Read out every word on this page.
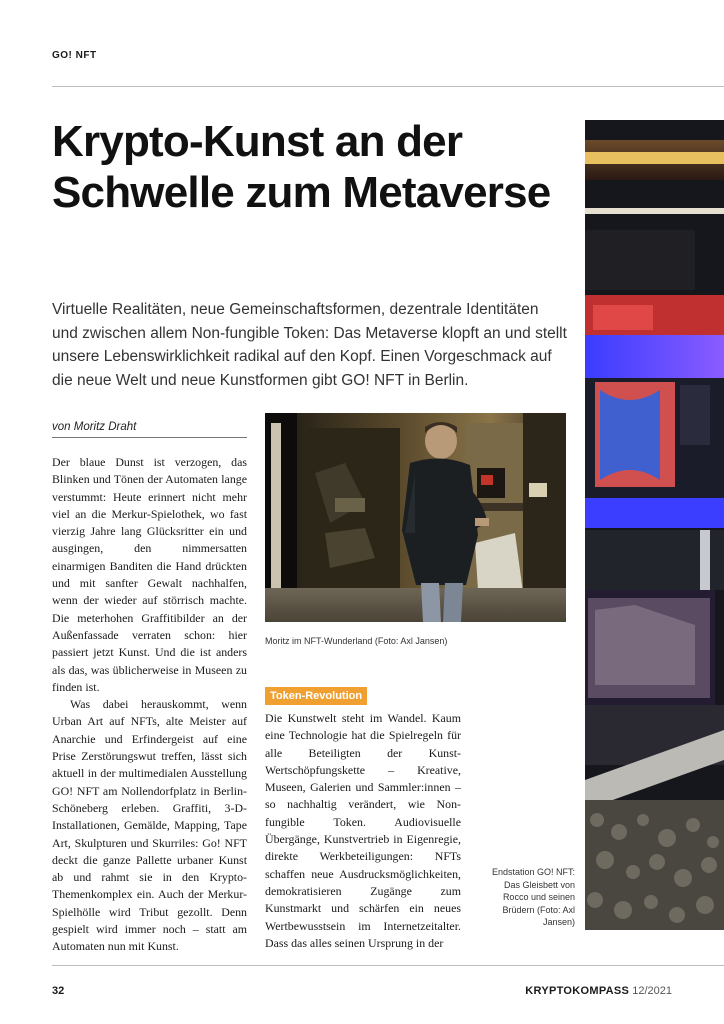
GO! NFT
Krypto-Kunst an der Schwelle zum Metaverse

Virtuelle Realitäten, neue Gemeinschaftsformen, dezentrale Identitäten und zwischen allem Non-fungible Token: Das Metaverse klopft an und stellt unsere Lebenswirklichkeit radikal auf den Kopf. Einen Vorgeschmack auf die neue Welt und neue Kunstformen gibt GO! NFT in Berlin.

von Moritz Draht

Der blaue Dunst ist verzogen, das Blinken und Tönen der Automaten lange verstummt: Heute erinnert nicht mehr viel an die Merkur-Spielothek, wo fast vierzig Jahre lang Glücksritter ein und ausgingen, den nimmersatten einarmigen Banditen die Hand drückten und mit sanfter Gewalt nachhalfen, wenn der wieder auf störrisch machte. Die meterhohen Graffitibilder an der Außenfassade verraten schon: hier passiert jetzt Kunst. Und die ist anders als das, was üblicherweise in Museen zu finden ist.

Was dabei herauskommt, wenn Urban Art auf NFTs, alte Meister auf Anarchie und Erfindergeist auf eine Prise Zerstörungswut treffen, lässt sich aktuell in der multimedialen Ausstellung GO! NFT am Nollendorfplatz in Berlin-Schöneberg erleben. Graffiti, 3-D-Installationen, Gemälde, Mapping, Tape Art, Skulpturen und Skurriles: Go! NFT deckt die ganze Pallette urbaner Kunst ab und rahmt sie in den Krypto-Themenkomplex ein. Auch der Merkur-Spielhölle wird Tribut gezollt. Denn gespielt wird immer noch – statt am Automaten nun mit Kunst.

Moritz im NFT-Wunderland (Foto: Axl Jansen)
Token-Revolution

Die Kunstwelt steht im Wandel. Kaum eine Technologie hat die Spielregeln für alle Beteiligten der Kunst-Wertschöpfungskette – Kreative, Museen, Galerien und Sammler:innen – so nachhaltig verändert, wie Non-fungible Token. Audiovisuelle Übergänge, Kunstvertrieb in Eigenregie, direkte Werkbeteiligungen: NFTs schaffen neue Ausdrucksmöglichkeiten, demokratisieren Zugänge zum Kunstmarkt und schärfen ein neues Wertbewusstsein im Internetzeitalter. Dass das alles seinen Ursprung in der

Endstation GO! NFT: Das Gleisbett von Rocco und seinen Brüdern (Foto: Axl Jansen)
32	KRYPTOKOMPASS 12/2021
